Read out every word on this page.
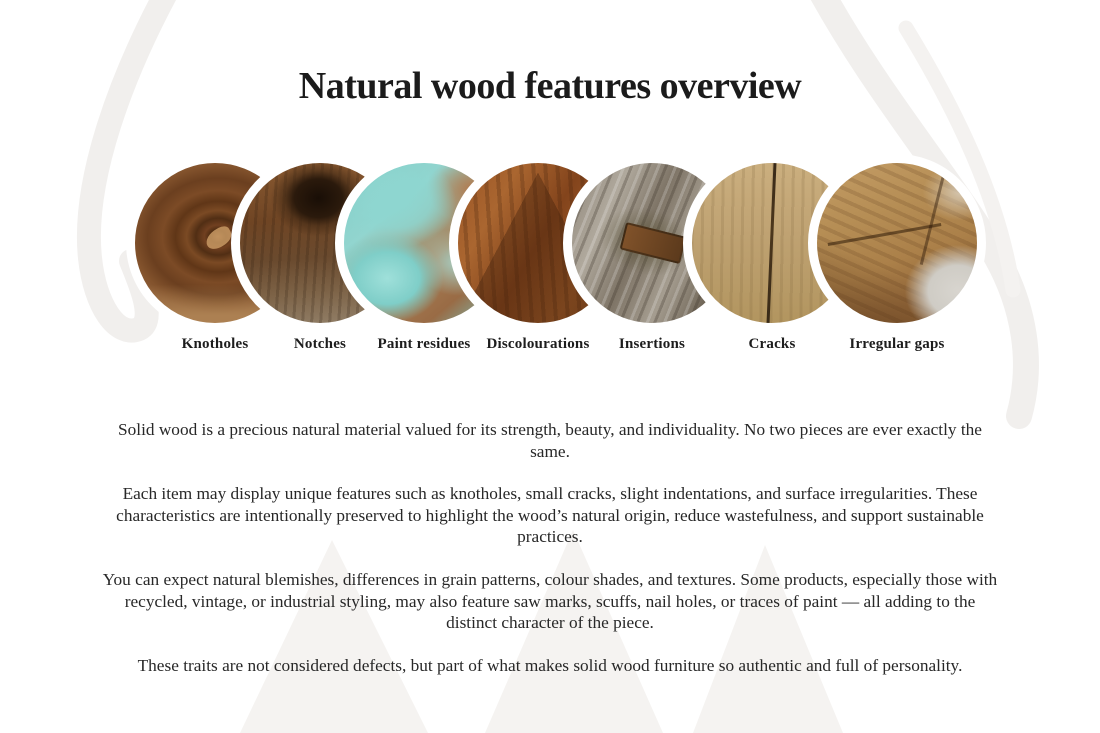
Natural wood features overview
Knotholes	Notches	Paint residues	Discolourations	Insertions	Cracks	Irregular gaps

Solid wood is a precious natural material valued for its strength, beauty, and individuality. No two pieces are ever exactly the same.

Each item may display unique features such as knotholes, small cracks, slight indentations, and surface irregularities. These characteristics are intentionally preserved to highlight the wood’s natural origin, reduce wastefulness, and support sustainable practices.

You can expect natural blemishes, differences in grain patterns, colour shades, and textures. Some products, especially those with recycled, vintage, or industrial styling, may also feature saw marks, scuffs, nail holes, or traces of paint — all adding to the distinct character of the piece.

These traits are not considered defects, but part of what makes solid wood furniture so authentic and full of personality.
